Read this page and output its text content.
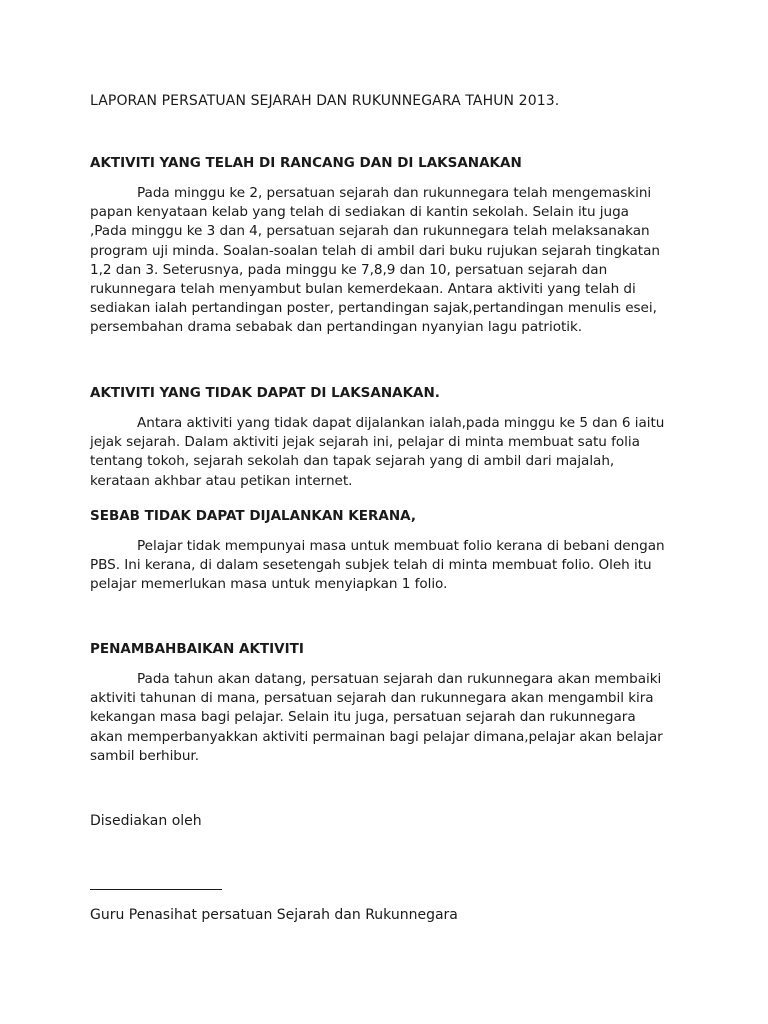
LAPORAN PERSATUAN SEJARAH DAN RUKUNNEGARA TAHUN 2013.
AKTIVITI YANG TELAH DI RANCANG DAN DI LAKSANAKAN
Pada minggu ke 2, persatuan sejarah dan rukunnegara telah mengemaskini
papan kenyataan kelab yang telah di sediakan di kantin sekolah. Selain itu juga
,Pada minggu ke 3 dan 4, persatuan sejarah dan rukunnegara telah melaksanakan
program uji minda. Soalan-soalan telah di ambil dari buku rujukan sejarah tingkatan
1,2 dan 3. Seterusnya, pada minggu ke 7,8,9 dan 10, persatuan sejarah dan
rukunnegara telah menyambut bulan kemerdekaan. Antara aktiviti yang telah di
sediakan ialah pertandingan poster, pertandingan sajak,pertandingan menulis esei,
persembahan drama sebabak dan pertandingan nyanyian lagu patriotik.
AKTIVITI YANG TIDAK DAPAT DI LAKSANAKAN.
Antara aktiviti yang tidak dapat dijalankan ialah,pada minggu ke 5 dan 6 iaitu
jejak sejarah. Dalam aktiviti jejak sejarah ini, pelajar di minta membuat satu folia
tentang tokoh, sejarah sekolah dan tapak sejarah yang di ambil dari majalah,
kerataan akhbar atau petikan internet.
SEBAB TIDAK DAPAT DIJALANKAN KERANA,
Pelajar tidak mempunyai masa untuk membuat folio kerana di bebani dengan
PBS. Ini kerana, di dalam sesetengah subjek telah di minta membuat folio. Oleh itu
pelajar memerlukan masa untuk menyiapkan 1 folio.
PENAMBAHBAIKAN AKTIVITI
Pada tahun akan datang, persatuan sejarah dan rukunnegara akan membaiki
aktiviti tahunan di mana, persatuan sejarah dan rukunnegara akan mengambil kira
kekangan masa bagi pelajar. Selain itu juga, persatuan sejarah dan rukunnegara
akan memperbanyakkan aktiviti permainan bagi pelajar dimana,pelajar akan belajar
sambil berhibur.
Disediakan oleh
Guru Penasihat persatuan Sejarah dan Rukunnegara
